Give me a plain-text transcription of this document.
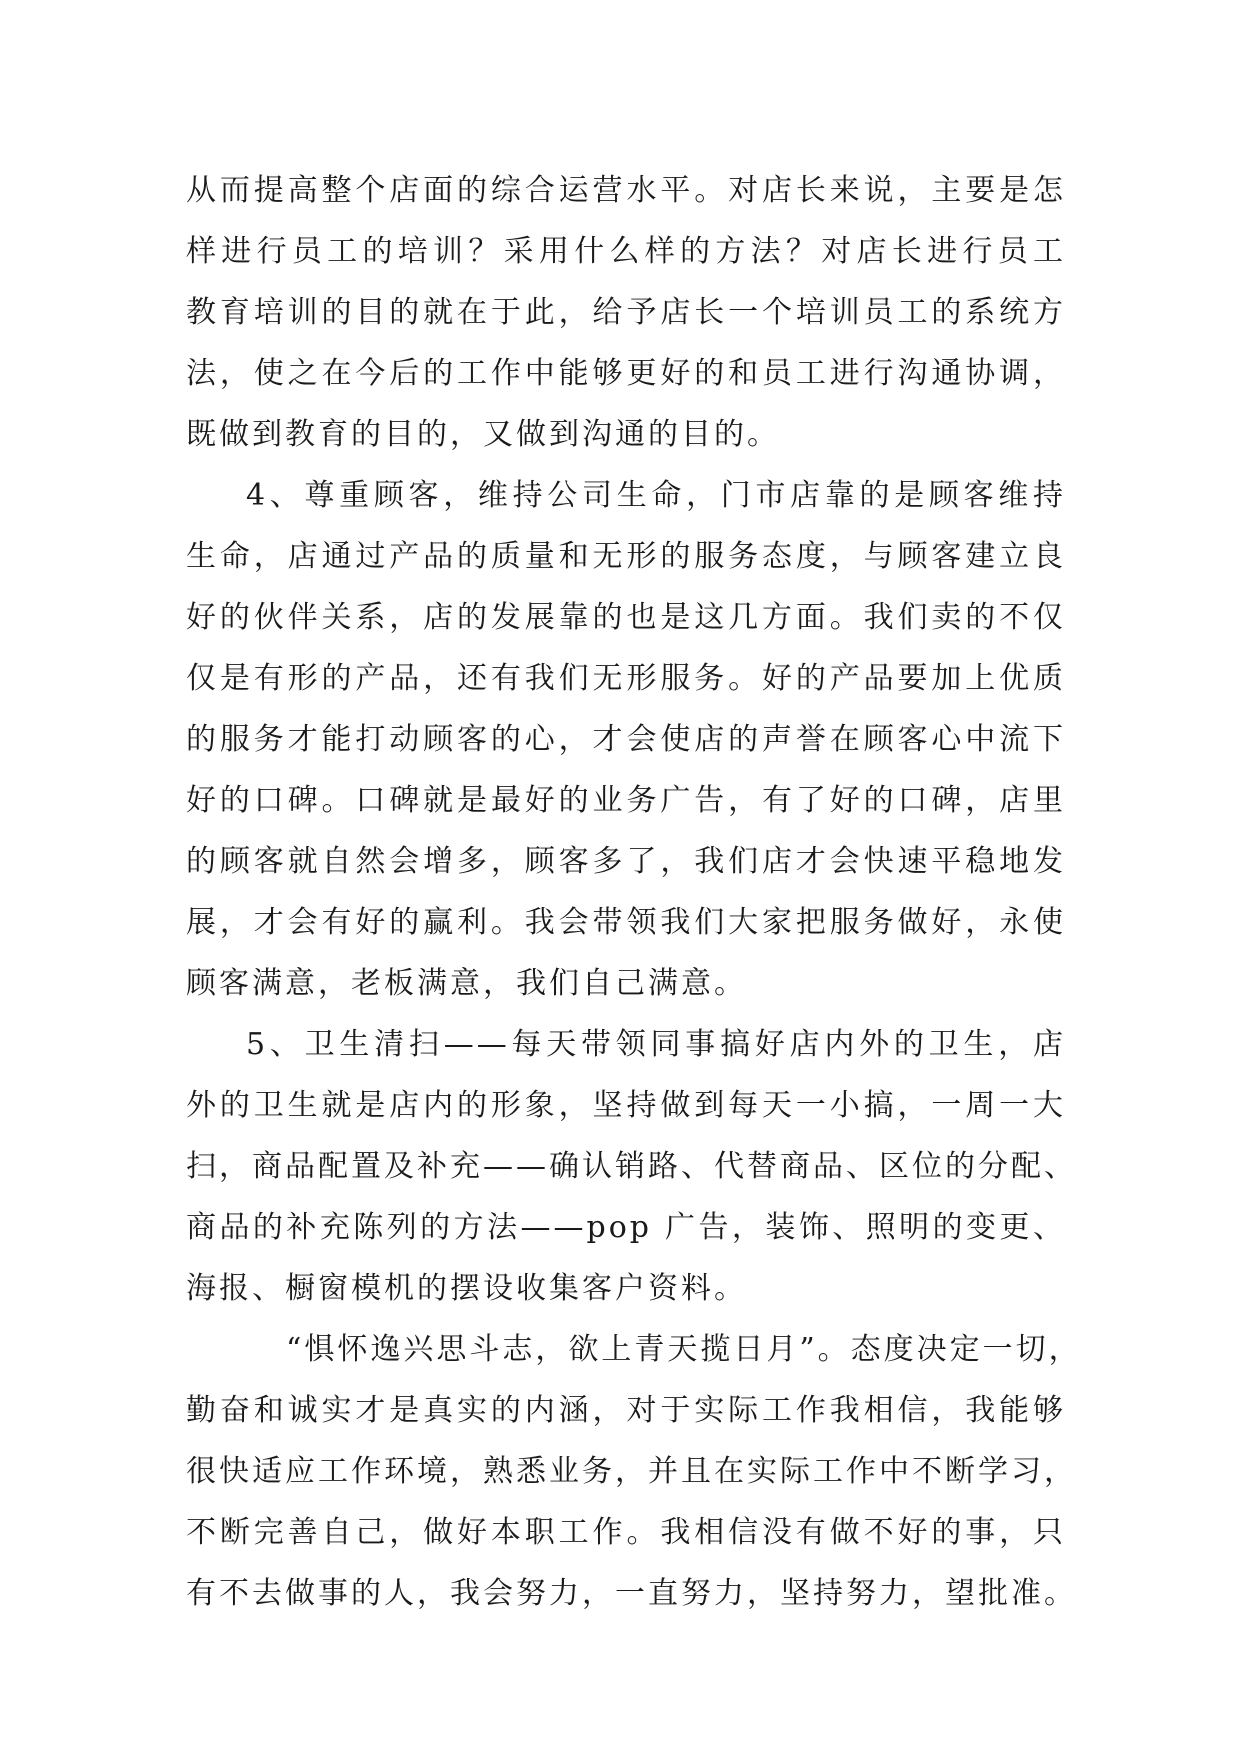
从而提高整个店面的综合运营水平。对店长来说，主要是怎
样进行员工的培训？采用什么样的方法？对店长进行员工
教育培训的目的就在于此，给予店长一个培训员工的系统方
法，使之在今后的工作中能够更好的和员工进行沟通协调，
既做到教育的目的，又做到沟通的目的。
4、尊重顾客，维持公司生命，门市店靠的是顾客维持
生命，店通过产品的质量和无形的服务态度，与顾客建立良
好的伙伴关系，店的发展靠的也是这几方面。我们卖的不仅
仅是有形的产品，还有我们无形服务。好的产品要加上优质
的服务才能打动顾客的心，才会使店的声誉在顾客心中流下
好的口碑。口碑就是最好的业务广告，有了好的口碑，店里
的顾客就自然会增多，顾客多了，我们店才会快速平稳地发
展，才会有好的赢利。我会带领我们大家把服务做好，永使
顾客满意，老板满意，我们自己满意。
5、卫生清扫——每天带领同事搞好店内外的卫生，店
外的卫生就是店内的形象，坚持做到每天一小搞，一周一大
扫，商品配置及补充——确认销路、代替商品、区位的分配、
商品的补充陈列的方法——pop 广告，装饰、照明的变更、
海报、橱窗模机的摆设收集客户资料。
“惧怀逸兴思斗志，欲上青天揽日月”。态度决定一切，
勤奋和诚实才是真实的内涵，对于实际工作我相信，我能够
很快适应工作环境，熟悉业务，并且在实际工作中不断学习，
不断完善自己，做好本职工作。我相信没有做不好的事，只
有不去做事的人，我会努力，一直努力，坚持努力，望批准。
